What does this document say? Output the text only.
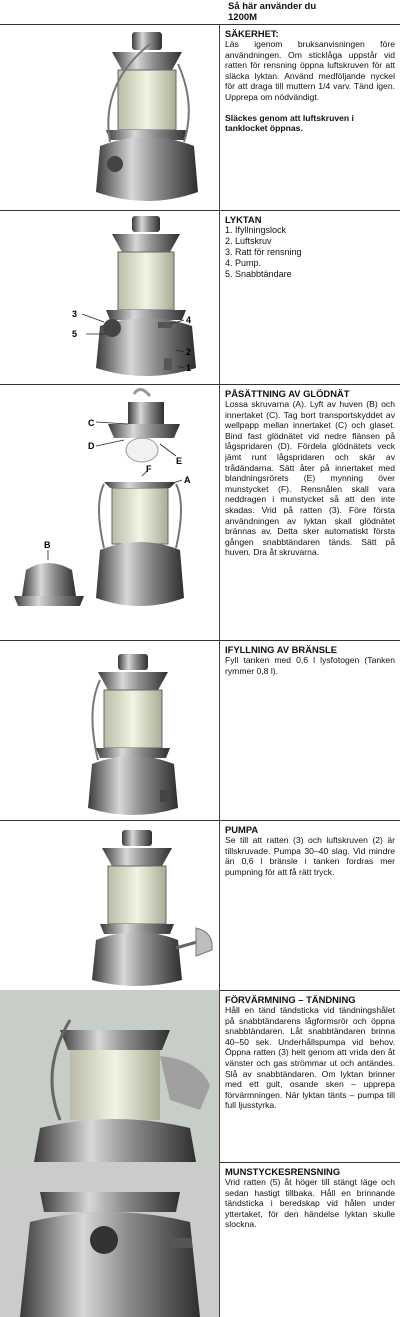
Så här använder du
1200M
SÄKERHET:
Läs igenom bruksanvisningen före användningen. Om sticklåga uppstår vid ratten för rensning öppna luftskruven för att släcka lyktan. Använd medföljande nyckel för att draga till muttern 1/4 varv. Tänd igen. Upprepa om nödvändigt.
Släckes genom att luftskruven i tanklocket öppnas.
3
5
4
2
1
LYKTAN
1. Ifyllningslock
2. Luftskruv
3. Ratt för rensning
4. Pump.
5. Snabbtändare
C
D
E
F
A
B
PÅSÄTTNING AV GLÖDNÄT
Lossa skruvarna (A). Lyft av huven (B) och innertaket (C). Tag bort transportskyddet av wellpapp mellan innertaket (C) och glaset. Bind fast glödnätet vid nedre flänsen på lågspridaren (D). Fördela glödnätets veck jämt runt lågspridaren och skär av trådändarna. Sätt åter på innertaket med blandningsrörets (E) mynning över munstycket (F). Rensnålen skall vara neddragen i munstycket så att den inte skadas. Vrid på ratten (3). Före första användningen av lyktan skall glödnätet brännas av. Detta sker automatiskt första gången snabbtändaren tänds. Sätt på huven. Dra åt skruvarna.
IFYLLNING AV BRÄNSLE
Fyll tanken med 0,6 l lysfotogen (Tanken rymmer 0,8 l).
PUMPA
Se till att ratten (3) och luftskruven (2) är tillskruvade. Pumpa 30–40 slag. Vid mindre än 0,6 l bränsle i tanken fordras mer pumpning för att få rätt tryck.
FÖRVÄRMNING – TÄNDNING
Håll en tänd tändsticka vid tändningshålet på snabbtändarens lågformsrör och öppna snabbtändaren. Låt snabbtändaren brinna 40–50 sek. Underhållspumpa vid behov. Öppna ratten (3) helt genom att vrida den åt vänster och gas strömmar ut och antändes. Slå av snabbtändaren. Om lyktan brinner med ett gult, osande sken – upprepa förvärmningen. När lyktan tänts – pumpa till full ljusstyrka.
MUNSTYCKESRENSNING
Vrid ratten (5) åt höger till stängt läge och sedan hastigt tillbaka. Håll en brinnande tändsticka i beredskap vid hålen under yttertaket, för den händelse lyktan skulle slockna.
